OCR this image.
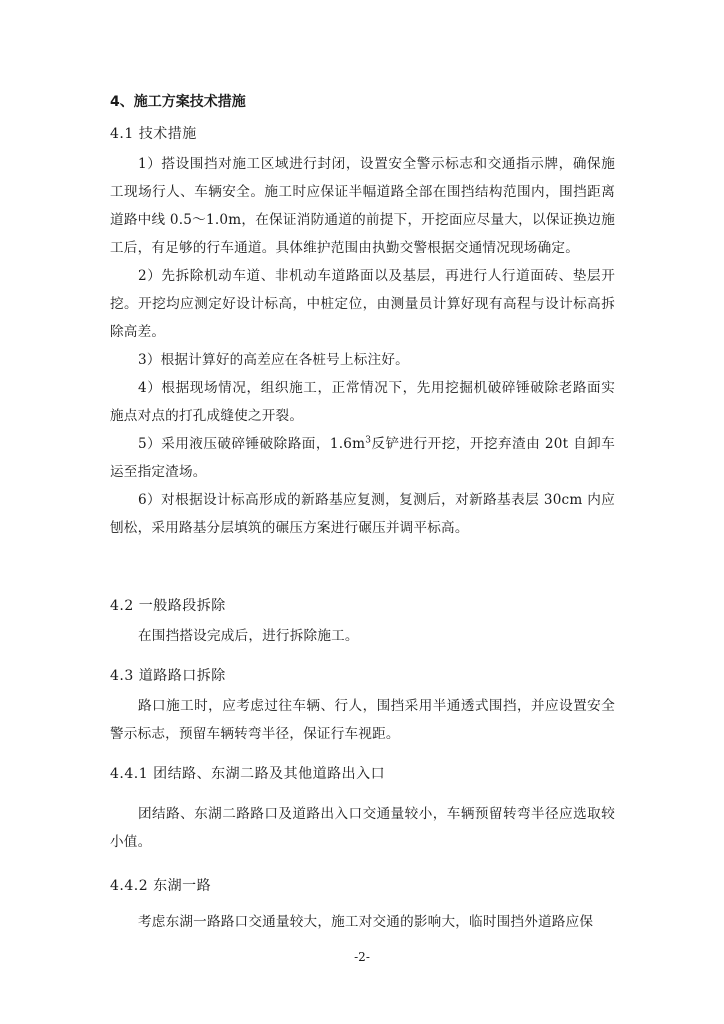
4、施工方案技术措施
4.1 技术措施
1）搭设围挡对施工区域进行封闭，设置安全警示标志和交通指示牌，确保施工现场行人、车辆安全。施工时应保证半幅道路全部在围挡结构范围内，围挡距离道路中线 0.5～1.0m，在保证消防通道的前提下，开挖面应尽量大，以保证换边施工后，有足够的行车通道。具体维护范围由执勤交警根据交通情况现场确定。
2）先拆除机动车道、非机动车道路面以及基层，再进行人行道面砖、垫层开挖。开挖均应测定好设计标高，中桩定位，由测量员计算好现有高程与设计标高拆除高差。
3）根据计算好的高差应在各桩号上标注好。
4）根据现场情况，组织施工，正常情况下，先用挖掘机破碎锤破除老路面实施点对点的打孔成缝使之开裂。
5）采用液压破碎锤破除路面，$1.6m^3$反铲进行开挖，开挖弃渣由 20t 自卸车运至指定渣场。
6）对根据设计标高形成的新路基应复测，复测后，对新路基表层 30cm 内应刨松，采用路基分层填筑的碾压方案进行碾压并调平标高。
4.2 一般路段拆除
在围挡搭设完成后，进行拆除施工。
4.3 道路路口拆除
路口施工时，应考虑过往车辆、行人，围挡采用半通透式围挡，并应设置安全警示标志，预留车辆转弯半径，保证行车视距。
4.4.1 团结路、东湖二路及其他道路出入口
团结路、东湖二路路口及道路出入口交通量较小，车辆预留转弯半径应选取较小值。
4.4.2 东湖一路
考虑东湖一路路口交通量较大，施工对交通的影响大，临时围挡外道路应保
-2-
